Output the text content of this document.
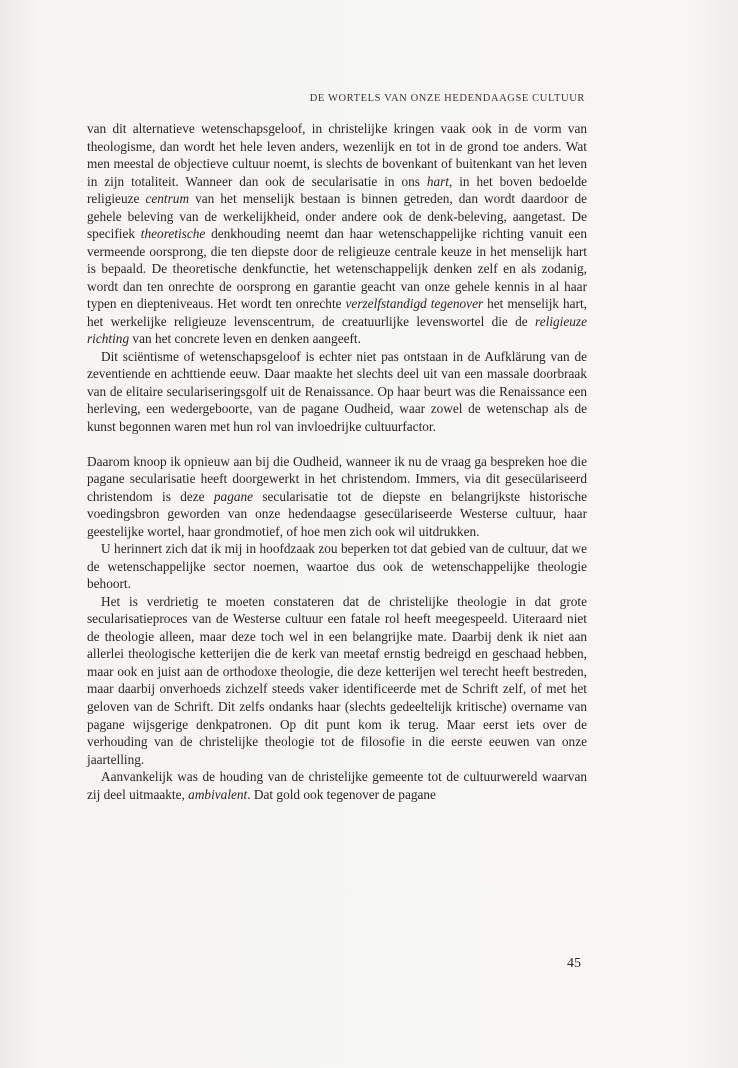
DE WORTELS VAN ONZE HEDENDAAGSE CULTUUR

van dit alternatieve wetenschapsgeloof, in christelijke kringen vaak ook in de vorm van theologisme, dan wordt het hele leven anders, wezenlijk en tot in de grond toe anders. Wat men meestal de objectieve cultuur noemt, is slechts de bovenkant of buitenkant van het leven in zijn totaliteit. Wanneer dan ook de secularisatie in ons hart, in het boven bedoelde religieuze centrum van het menselijk bestaan is binnen getreden, dan wordt daardoor de gehele beleving van de werkelijkheid, onder andere ook de denk-beleving, aangetast. De specifiek theoretische denkhouding neemt dan haar wetenschappelijke richting vanuit een vermeende oorsprong, die ten diepste door de religieuze centrale keuze in het menselijk hart is bepaald. De theoretische denkfunctie, het wetenschappelijk denken zelf en als zodanig, wordt dan ten onrechte de oorsprong en garantie geacht van onze gehele kennis in al haar typen en diepteniveaus. Het wordt ten onrechte verzelfstandigd tegenover het menselijk hart, het werkelijke religieuze levenscentrum, de creatuurlijke levenswortel die de religieuze richting van het concrete leven en denken aangeeft.

Dit sciëntisme of wetenschapsgeloof is echter niet pas ontstaan in de Aufklärung van de zeventiende en achttiende eeuw. Daar maakte het slechts deel uit van een massale doorbraak van de elitaire seculariseringsgolf uit de Renaissance. Op haar beurt was die Renaissance een herleving, een wedergeboorte, van de pagane Oudheid, waar zowel de wetenschap als de kunst begonnen waren met hun rol van invloedrijke cultuurfactor.

Daarom knoop ik opnieuw aan bij die Oudheid, wanneer ik nu de vraag ga bespreken hoe die pagane secularisatie heeft doorgewerkt in het christendom. Immers, via dit gesecülariseerd christendom is deze pagane secularisatie tot de diepste en belangrijkste historische voedingsbron geworden van onze hedendaagse gesecülariseerde Westerse cultuur, haar geestelijke wortel, haar grondmotief, of hoe men zich ook wil uitdrukken.

U herinnert zich dat ik mij in hoofdzaak zou beperken tot dat gebied van de cultuur, dat we de wetenschappelijke sector noemen, waartoe dus ook de wetenschappelijke theologie behoort.

Het is verdrietig te moeten constateren dat de christelijke theologie in dat grote secularisatieproces van de Westerse cultuur een fatale rol heeft meegespeeld. Uiteraard niet de theologie alleen, maar deze toch wel in een belangrijke mate. Daarbij denk ik niet aan allerlei theologische ketterijen die de kerk van meetaf ernstig bedreigd en geschaad hebben, maar ook en juist aan de orthodoxe theologie, die deze ketterijen wel terecht heeft bestreden, maar daarbij onverhoeds zichzelf steeds vaker identificeerde met de Schrift zelf, of met het geloven van de Schrift. Dit zelfs ondanks haar (slechts gedeeltelijk kritische) overname van pagane wijsgerige denkpatronen. Op dit punt kom ik terug. Maar eerst iets over de verhouding van de christelijke theologie tot de filosofie in die eerste eeuwen van onze jaartelling.

Aanvankelijk was de houding van de christelijke gemeente tot de cultuurwereld waarvan zij deel uitmaakte, ambivalent. Dat gold ook tegenover de pagane

45
